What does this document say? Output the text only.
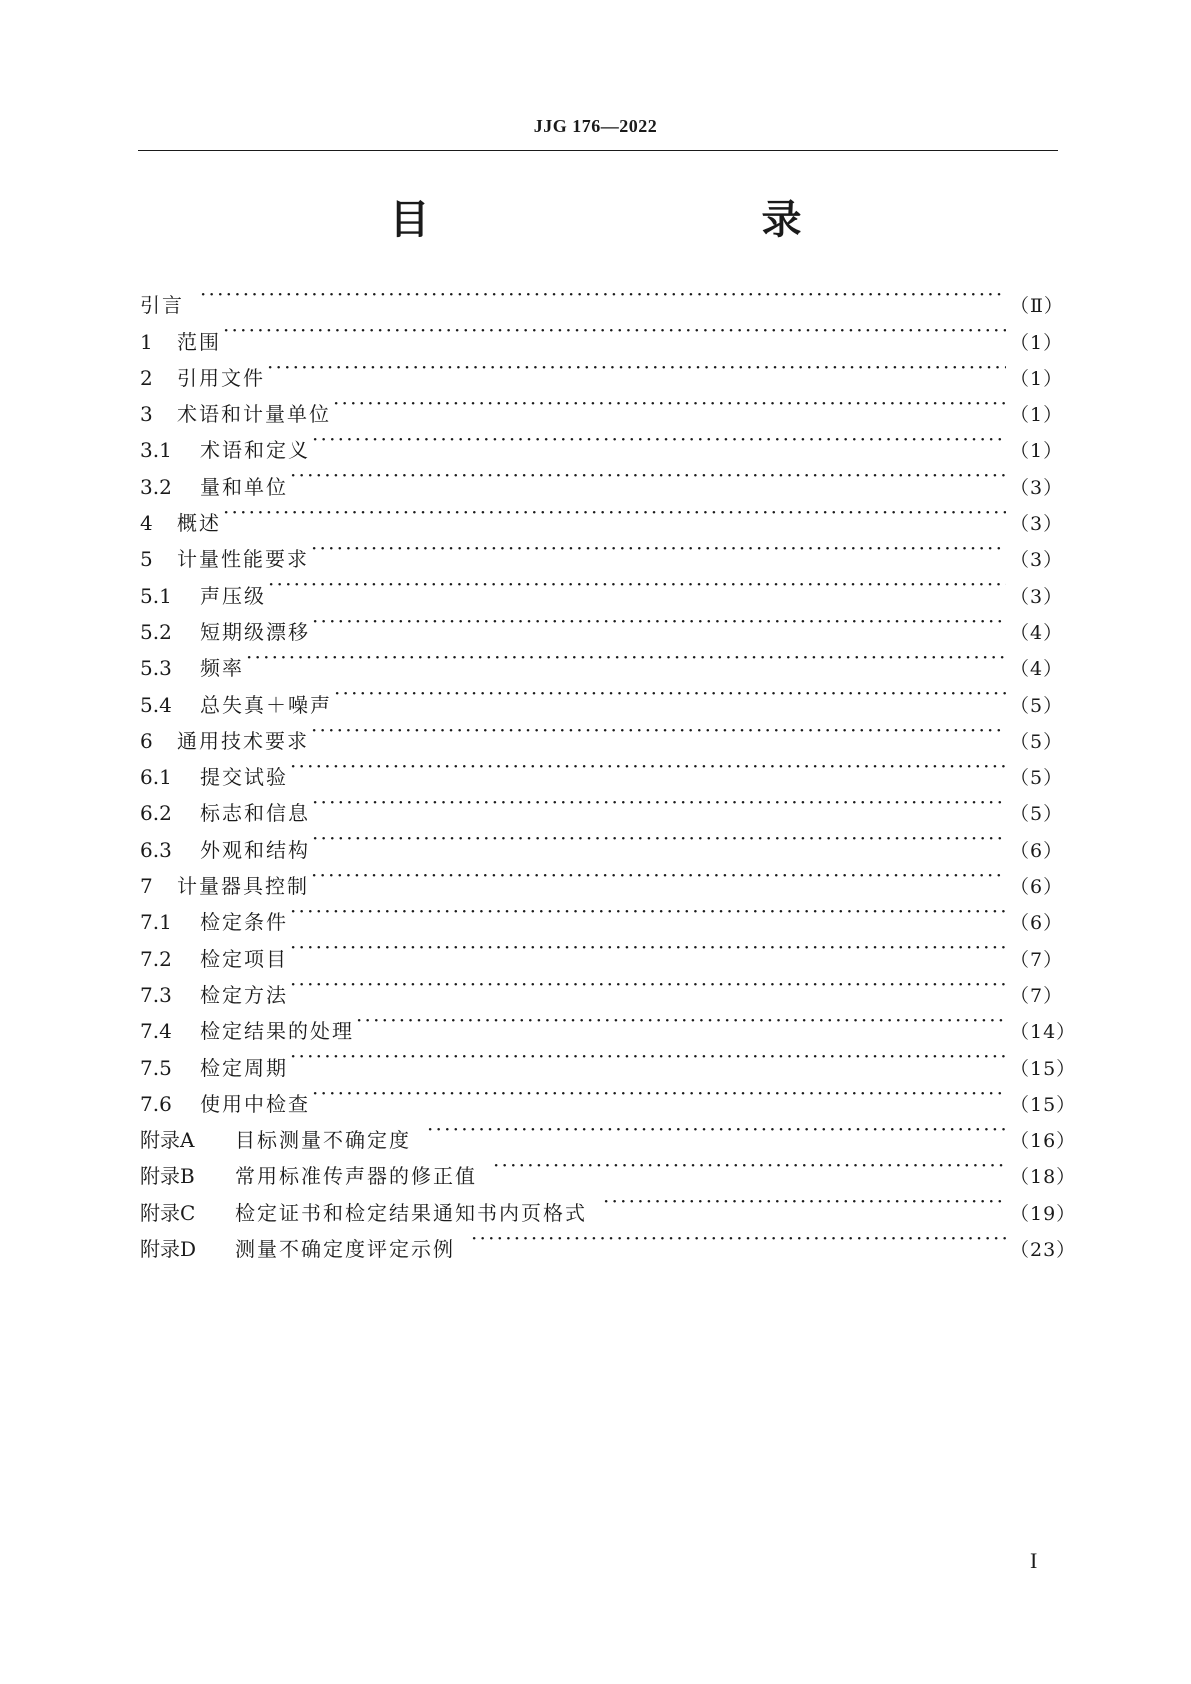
JJG 176—2022
目　　录
引言 ·····	（Ⅱ）
1	范围 ·····	（1）
2	引用文件 ·····	（1）
3	术语和计量单位 ·····	（1）
3.1	术语和定义 ·····	（1）
3.2	量和单位 ·····	（3）
4	概述 ·····	（3）
5	计量性能要求 ·····	（3）
5.1	声压级 ·····	（3）
5.2	短期级漂移 ·····	（4）
5.3	频率 ·····	（4）
5.4	总失真＋噪声 ·····	（5）
6	通用技术要求 ·····	（5）
6.1	提交试验 ·····	（5）
6.2	标志和信息 ·····	（5）
6.3	外观和结构 ·····	（6）
7	计量器具控制 ·····	（6）
7.1	检定条件 ·····	（6）
7.2	检定项目 ·····	（7）
7.3	检定方法 ·····	（7）
7.4	检定结果的处理 ·····	（14）
7.5	检定周期 ·····	（15）
7.6	使用中检查 ·····	（15）
附录A	目标测量不确定度 ·····	（16）
附录B	常用标准传声器的修正值 ·····	（18）
附录C	检定证书和检定结果通知书内页格式 ·····	（19）
附录D	测量不确定度评定示例 ·····	（23）
I
